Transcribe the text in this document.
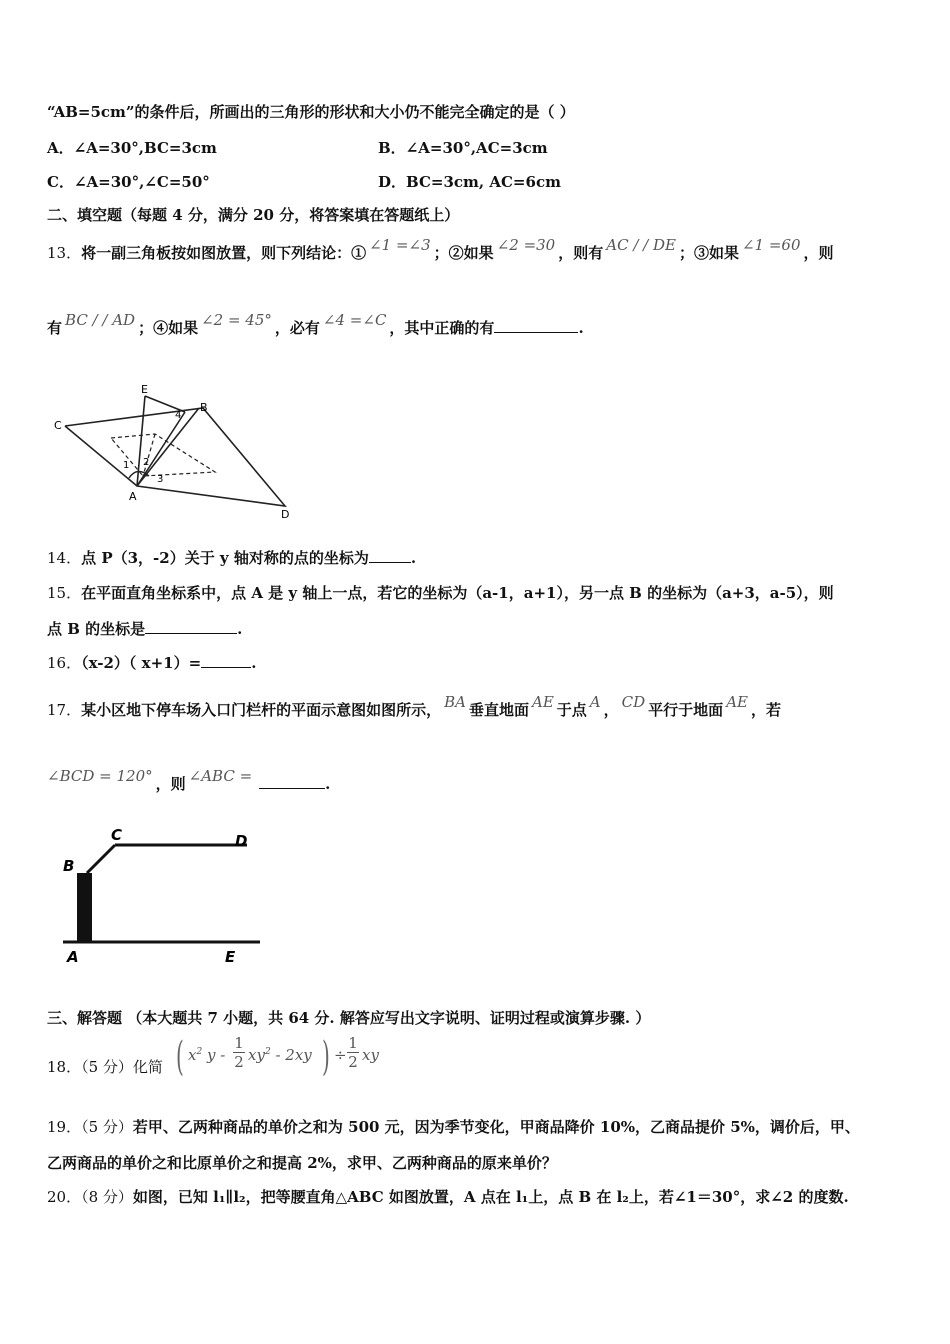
“AB=5cm”的条件后，所画出的三角形的形状和大小仍不能完全确定的是（ ）
A．∠A=30°,BC=3cm	B．∠A=30°,AC=3cm
C．∠A=30°,∠C=50°	D．BC=3cm, AC=6cm
二、填空题（每题 4 分，满分 20 分，将答案填在答题纸上）
13．将一副三角板按如图放置，则下列结论：① ∠1 =∠3 ；②如果 ∠2 =30 ，则有 AC / / DE ；③如果 ∠1 =60 ，则
有 BC / / AD ；④如果 ∠2 = 45° ，必有 ∠4 =∠C ，其中正确的有	.
E
B
C
A
D
1 2
3
4
14．点 P（3，-2）关于 y 轴对称的点的坐标为	.
15．在平面直角坐标系中，点 A 是 y 轴上一点，若它的坐标为（a-1，a+1），另一点 B 的坐标为（a+3，a-5），则
点 B 的坐标是	.
16．（x-2）（ x+1）=	.
17．某小区地下停车场入口门栏杆的平面示意图如图所示， BA 垂直地面 AE 于点 A ， CD 平行于地面 AE ，若
∠BCD = 120° ，则 ∠ABC =	.
B
C	D
A	E
三、解答题 （本大题共 7 小题，共 64 分. 解答应写出文字说明、证明过程或演算步骤. ）
18．（5 分）化简 ( $x^2$ y -
1
2 $xy^2 - 2xy$ ) ÷
1
2 xy
19．（5 分）若甲、乙两种商品的单价之和为 500 元，因为季节变化，甲商品降价 10%，乙商品提价 5%，调价后，甲、
乙两商品的单价之和比原单价之和提高 2%，求甲、乙两种商品的原来单价？
20．（8 分）如图，已知 l₁∥l₂，把等腰直角△ABC 如图放置，A 点在 l₁上，点 B 在 l₂上，若∠1＝30°，求∠2 的度数.
